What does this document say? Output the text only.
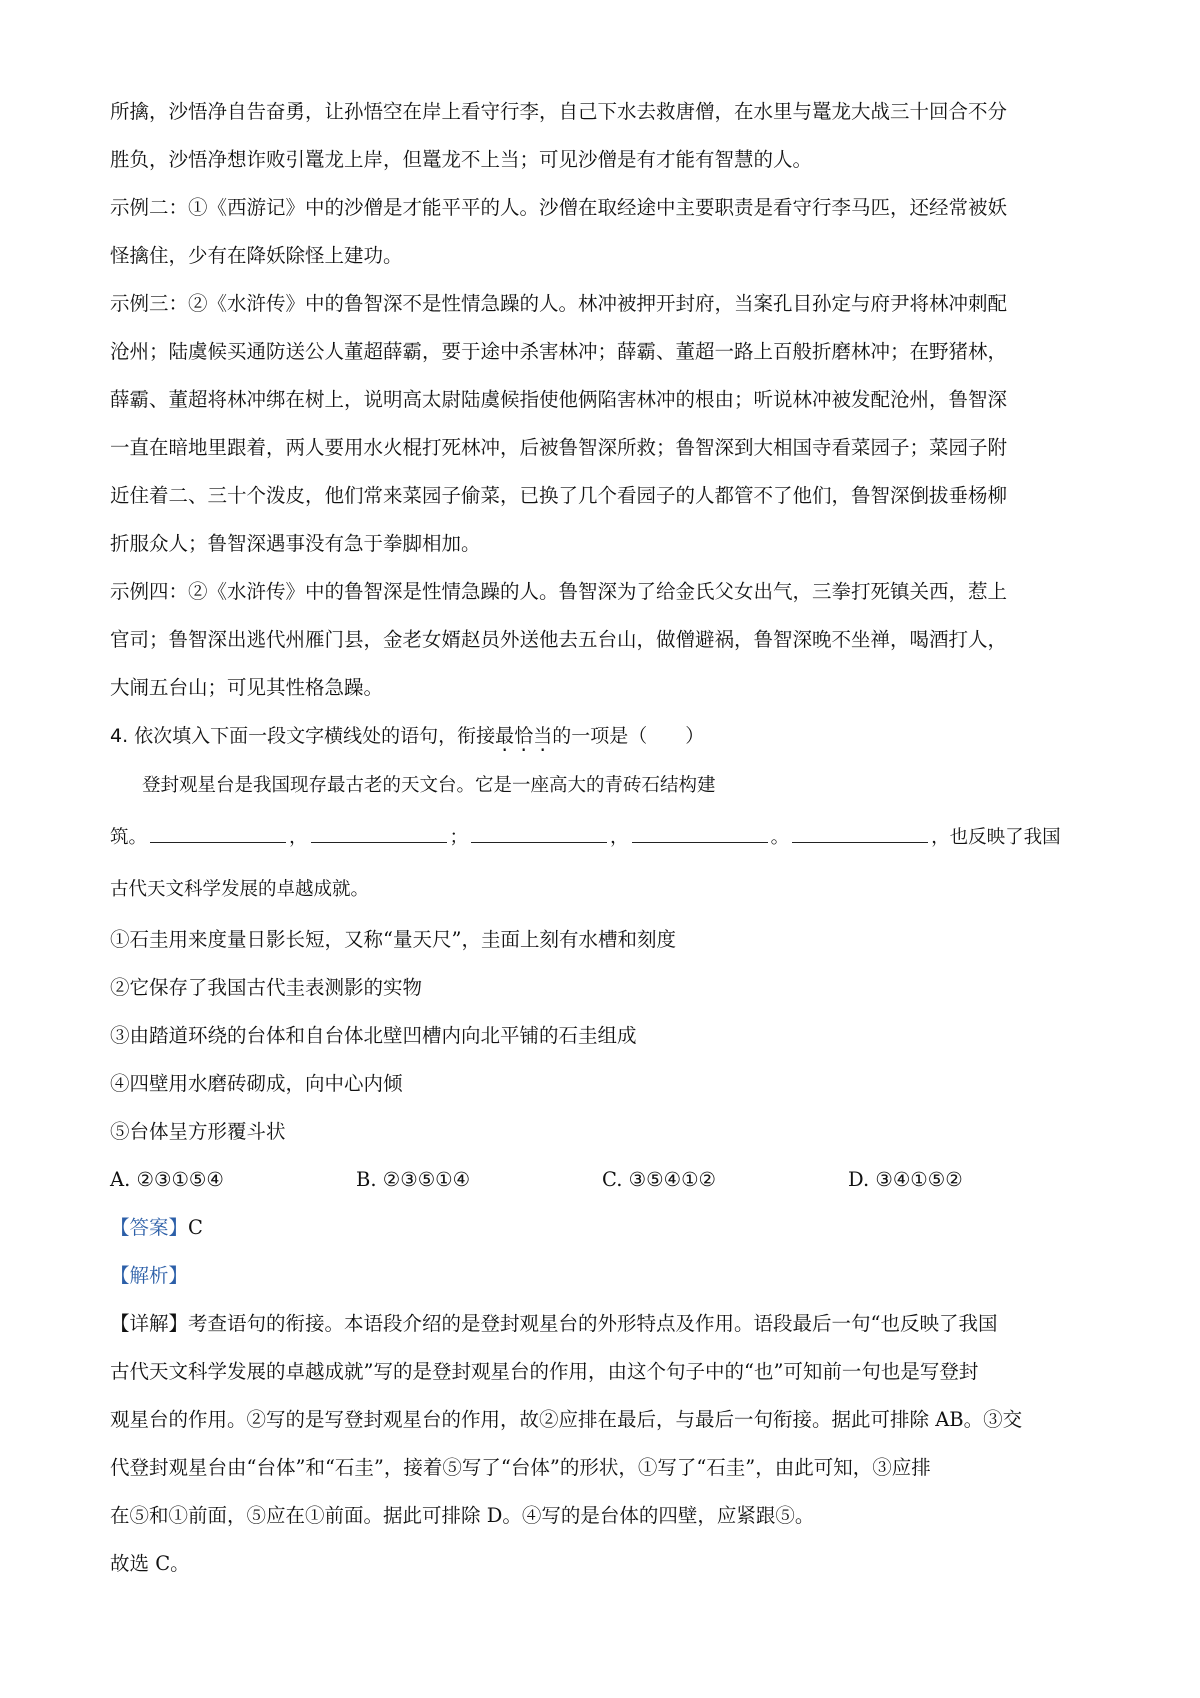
所擒，沙悟净自告奋勇，让孙悟空在岸上看守行李，自己下水去救唐僧，在水里与鼍龙大战三十回合不分

胜负，沙悟净想诈败引鼍龙上岸，但鼍龙不上当；可见沙僧是有才能有智慧的人。

示例二：①《西游记》中的沙僧是才能平平的人。沙僧在取经途中主要职责是看守行李马匹，还经常被妖

怪擒住，少有在降妖除怪上建功。

示例三：②《水浒传》中的鲁智深不是性情急躁的人。林冲被押开封府，当案孔目孙定与府尹将林冲刺配

沧州；陆虞候买通防送公人董超薛霸，要于途中杀害林冲；薛霸、董超一路上百般折磨林冲；在野猪林，

薛霸、董超将林冲绑在树上，说明高太尉陆虞候指使他俩陷害林冲的根由；听说林冲被发配沧州，鲁智深

一直在暗地里跟着，两人要用水火棍打死林冲，后被鲁智深所救；鲁智深到大相国寺看菜园子；菜园子附

近住着二、三十个泼皮，他们常来菜园子偷菜，已换了几个看园子的人都管不了他们，鲁智深倒拔垂杨柳

折服众人；鲁智深遇事没有急于拳脚相加。

示例四：②《水浒传》中的鲁智深是性情急躁的人。鲁智深为了给金氏父女出气，三拳打死镇关西，惹上

官司；鲁智深出逃代州雁门县，金老女婿赵员外送他去五台山，做僧避祸，鲁智深晚不坐禅，喝酒打人，

大闹五台山；可见其性格急躁。

4. 依次填入下面一段文字横线处的语句，衔接最恰当的一项是（　　）

登封观星台是我国现存最古老的天文台。它是一座高大的青砖石结构建

筑。	，	；	，	。	，也反映了我国

古代天文科学发展的卓越成就。

①石圭用来度量日影长短，又称“量天尺”，圭面上刻有水槽和刻度

②它保存了我国古代圭表测影的实物

③由踏道环绕的台体和自台体北壁凹槽内向北平铺的石圭组成

④四壁用水磨砖砌成，向中心内倾

⑤台体呈方形覆斗状

A. ②③①⑤④	B. ②③⑤①④	C. ③⑤④①②	D. ③④①⑤②

【答案】C

【解析】

【详解】考查语句的衔接。本语段介绍的是登封观星台的外形特点及作用。语段最后一句“也反映了我国

古代天文科学发展的卓越成就”写的是登封观星台的作用，由这个句子中的“也”可知前一句也是写登封

观星台的作用。②写的是写登封观星台的作用，故②应排在最后，与最后一句衔接。据此可排除 AB。③交

代登封观星台由“台体”和“石圭”，接着⑤写了“台体”的形状，①写了“石圭”，由此可知，③应排

在⑤和①前面，⑤应在①前面。据此可排除 D。④写的是台体的四壁，应紧跟⑤。

故选 C。
